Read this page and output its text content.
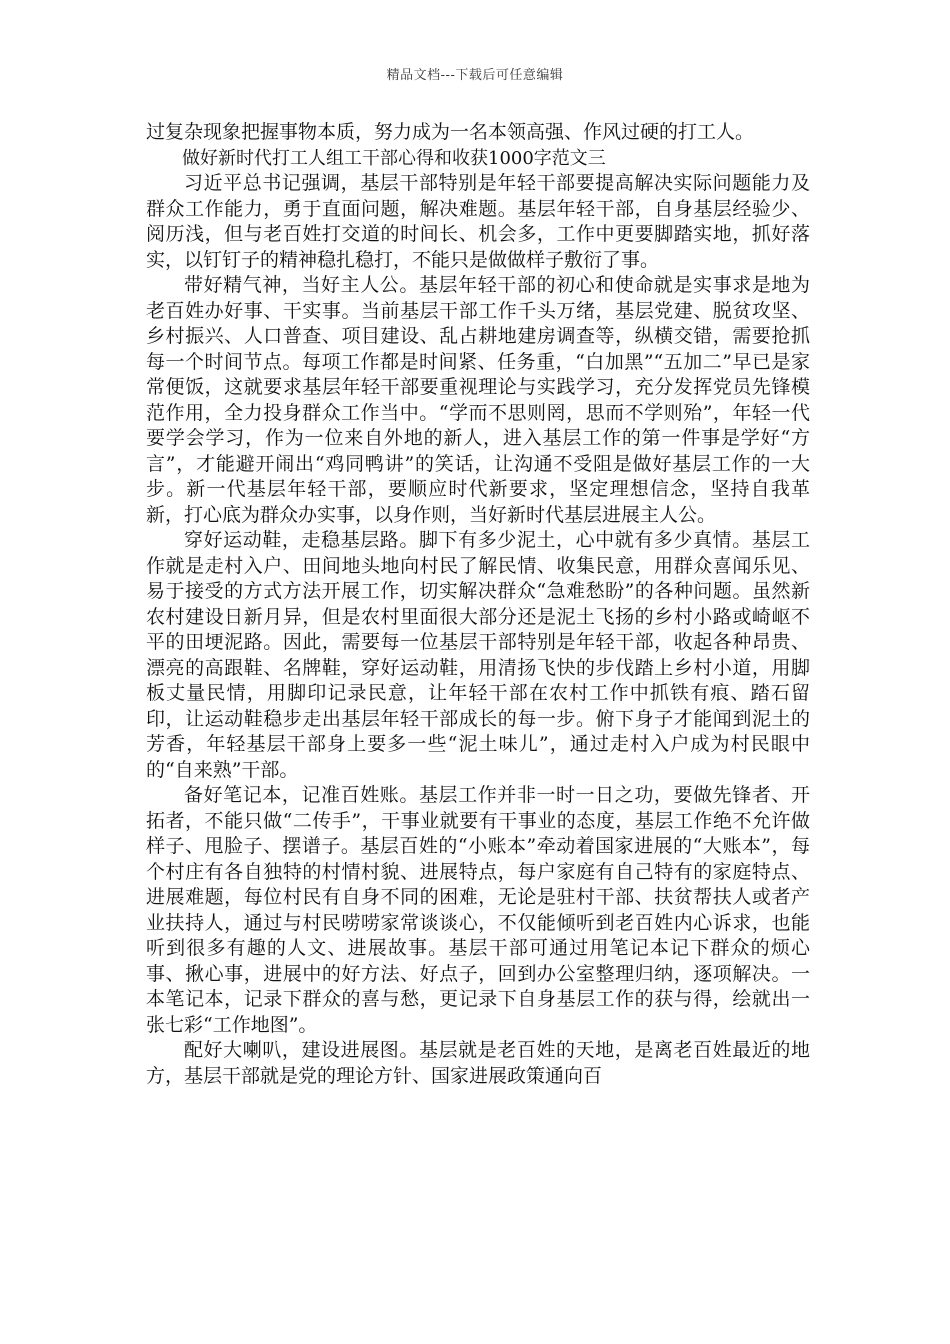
精品文档---下载后可任意编辑

过复杂现象把握事物本质，努力成为一名本领高强、作风过硬的打工人。

做好新时代打工人组工干部心得和收获1000字范文三

习近平总书记强调，基层干部特别是年轻干部要提高解决实际问题能力及群众工作能力，勇于直面问题，解决难题。基层年轻干部，自身基层经验少、阅历浅，但与老百姓打交道的时间长、机会多，工作中更要脚踏实地，抓好落实，以钉钉子的精神稳扎稳打，不能只是做做样子敷衍了事。

带好精气神，当好主人公。基层年轻干部的初心和使命就是实事求是地为老百姓办好事、干实事。当前基层干部工作千头万绪，基层党建、脱贫攻坚、乡村振兴、人口普查、项目建设、乱占耕地建房调查等，纵横交错，需要抢抓每一个时间节点。每项工作都是时间紧、任务重，“白加黑”“五加二”早已是家常便饭，这就要求基层年轻干部要重视理论与实践学习，充分发挥党员先锋模范作用，全力投身群众工作当中。“学而不思则罔，思而不学则殆”，年轻一代要学会学习，作为一位来自外地的新人，进入基层工作的第一件事是学好“方言”，才能避开闹出“鸡同鸭讲”的笑话，让沟通不受阻是做好基层工作的一大步。新一代基层年轻干部，要顺应时代新要求，坚定理想信念，坚持自我革新，打心底为群众办实事，以身作则，当好新时代基层进展主人公。

穿好运动鞋，走稳基层路。脚下有多少泥土，心中就有多少真情。基层工作就是走村入户、田间地头地向村民了解民情、收集民意，用群众喜闻乐见、易于接受的方式方法开展工作，切实解决群众“急难愁盼”的各种问题。虽然新农村建设日新月异，但是农村里面很大部分还是泥土飞扬的乡村小路或崎岖不平的田埂泥路。因此，需要每一位基层干部特别是年轻干部，收起各种昂贵、漂亮的高跟鞋、名牌鞋，穿好运动鞋，用清扬飞快的步伐踏上乡村小道，用脚板丈量民情，用脚印记录民意，让年轻干部在农村工作中抓铁有痕、踏石留印，让运动鞋稳步走出基层年轻干部成长的每一步。俯下身子才能闻到泥土的芳香，年轻基层干部身上要多一些“泥土味儿”，通过走村入户成为村民眼中的“自来熟”干部。

备好笔记本，记准百姓账。基层工作并非一时一日之功，要做先锋者、开拓者，不能只做“二传手”，干事业就要有干事业的态度，基层工作绝不允许做样子、甩脸子、摆谱子。基层百姓的“小账本”牵动着国家进展的“大账本”，每个村庄有各自独特的村情村貌、进展特点，每户家庭有自己特有的家庭特点、进展难题，每位村民有自身不同的困难，无论是驻村干部、扶贫帮扶人或者产业扶持人，通过与村民唠唠家常谈谈心，不仅能倾听到老百姓内心诉求，也能听到很多有趣的人文、进展故事。基层干部可通过用笔记本记下群众的烦心事、揪心事，进展中的好方法、好点子，回到办公室整理归纳，逐项解决。一本笔记本，记录下群众的喜与愁，更记录下自身基层工作的获与得，绘就出一张七彩“工作地图”。

配好大喇叭，建设进展图。基层就是老百姓的天地，是离老百姓最近的地方，基层干部就是党的理论方针、国家进展政策通向百
